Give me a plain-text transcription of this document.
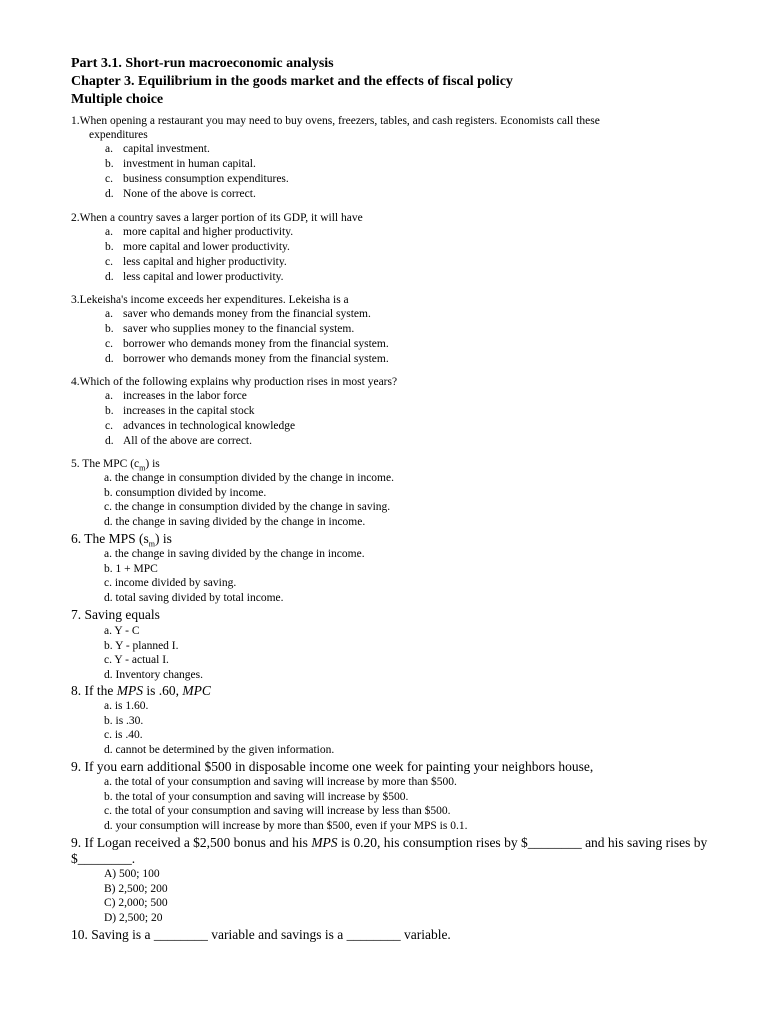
Part 3.1. Short-run macroeconomic analysis
Chapter 3. Equilibrium in the goods market and the effects of fiscal policy
Multiple choice
1.When opening a restaurant you may need to buy ovens, freezers, tables, and cash registers. Economists call these
expenditures
a. capital investment.
b. investment in human capital.
c. business consumption expenditures.
d. None of the above is correct.
2.When a country saves a larger portion of its GDP, it will have
a. more capital and higher productivity.
b. more capital and lower productivity.
c. less capital and higher productivity.
d. less capital and lower productivity.
3.Lekeisha's income exceeds her expenditures. Lekeisha is a
a. saver who demands money from the financial system.
b. saver who supplies money to the financial system.
c. borrower who demands money from the financial system.
d. borrower who demands money from the financial system.
4.Which of the following explains why production rises in most years?
a. increases in the labor force
b. increases in the capital stock
c. advances in technological knowledge
d. All of the above are correct.
5. The MPC $(c_m)$ is
a. the change in consumption divided by the change in income.
b. consumption divided by income.
c. the change in consumption divided by the change in saving.
d. the change in saving divided by the change in income.
6. The MPS $(s_m)$ is
a. the change in saving divided by the change in income.
b. 1 + MPC
c. income divided by saving.
d. total saving divided by total income.
7. Saving equals
a. Y - C
b. Y - planned I.
c. Y - actual I.
d. Inventory changes.
8. If the MPS is .60, MPC
a. is 1.60.
b. is .30.
c. is .40.
d. cannot be determined by the given information.
9. If you earn additional $500 in disposable income one week for painting your neighbors house,
a. the total of your consumption and saving will increase by more than $500.
b. the total of your consumption and saving will increase by $500.
c. the total of your consumption and saving will increase by less than $500.
d. your consumption will increase by more than $500, even if your MPS is 0.1.
9. If Logan received a $2,500 bonus and his MPS is 0.20, his consumption rises by $________ and his saving rises by $________.
A) 500; 100
B) 2,500; 200
C) 2,000; 500
D) 2,500; 20
10. Saving is a ________ variable and savings is a ________ variable.
